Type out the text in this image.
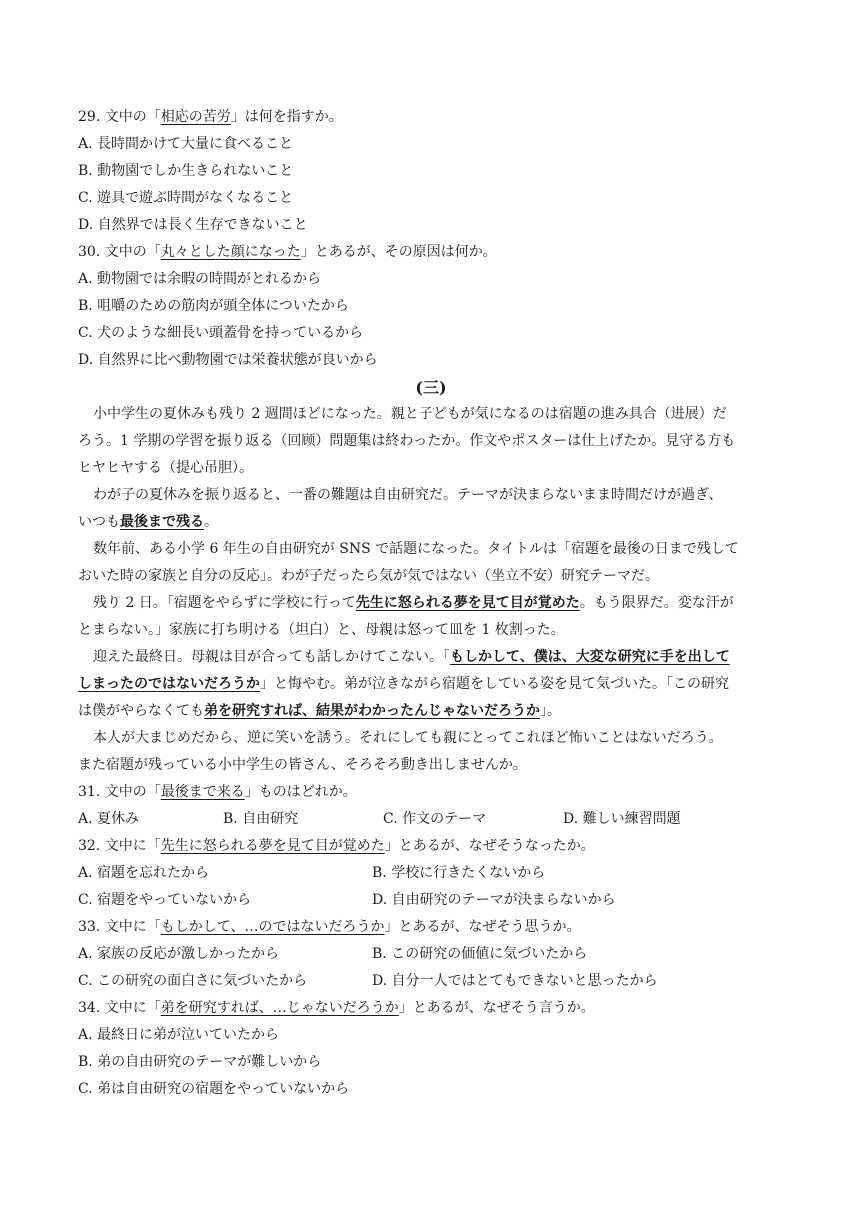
29. 文中の「相応の苦労」は何を指すか。
A. 長時間かけて大量に食べること
B. 動物園でしか生きられないこと
C. 遊具で遊ぶ時間がなくなること
D. 自然界では長く生存できないこと
30. 文中の「丸々とした顔になった」とあるが、その原因は何か。
A. 動物園では余暇の時間がとれるから
B. 咀嚼のための筋肉が頭全体についたから
C. 犬のような細長い頭蓋骨を持っているから
D. 自然界に比べ動物園では栄養状態が良いから
(三)
小中学生の夏休みも残り 2 週間ほどになった。親と子どもが気になるのは宿題の進み具合（进展）だ
ろう。1 学期の学習を振り返る（回顾）問題集は終わったか。作文やポスターは仕上げたか。見守る方も
ヒヤヒヤする（提心吊胆）。
わが子の夏休みを振り返ると、一番の難題は自由研究だ。テーマが決まらないまま時間だけが過ぎ、
いつも最後まで残る。
数年前、ある小学 6 年生の自由研究が SNS で話題になった。タイトルは「宿題を最後の日まで残して
おいた時の家族と自分の反応」。わが子だったら気が気ではない（坐立不安）研究テーマだ。
残り 2 日。「宿題をやらずに学校に行って先生に怒られる夢を見て目が覚めた。もう限界だ。変な汗が
とまらない。」家族に打ち明ける（坦白）と、母親は怒って皿を 1 枚割った。
迎えた最終日。母親は目が合っても話しかけてこない。「もしかして、僕は、大変な研究に手を出して
しまったのではないだろうか」と悔やむ。弟が泣きながら宿題をしている姿を見て気づいた。「この研究
は僕がやらなくても弟を研究すれば、結果がわかったんじゃないだろうか」。
本人が大まじめだから、逆に笑いを誘う。それにしても親にとってこれほど怖いことはないだろう。
また宿題が残っている小中学生の皆さん、そろそろ動き出しませんか。
31. 文中の「最後まで来る」ものはどれか。
A. 夏休み	B. 自由研究	C. 作文のテーマ	D. 難しい練習問題
32. 文中に「先生に怒られる夢を見て目が覚めた」とあるが、なぜそうなったか。
A. 宿題を忘れたから	B. 学校に行きたくないから
C. 宿題をやっていないから	D. 自由研究のテーマが決まらないから
33. 文中に「もしかして、…のではないだろうか」とあるが、なぜそう思うか。
A. 家族の反応が激しかったから	B. この研究の価値に気づいたから
C. この研究の面白さに気づいたから	D. 自分一人ではとてもできないと思ったから
34. 文中に「弟を研究すれば、…じゃないだろうか」とあるが、なぜそう言うか。
A. 最終日に弟が泣いていたから
B. 弟の自由研究のテーマが難しいから
C. 弟は自由研究の宿題をやっていないから
